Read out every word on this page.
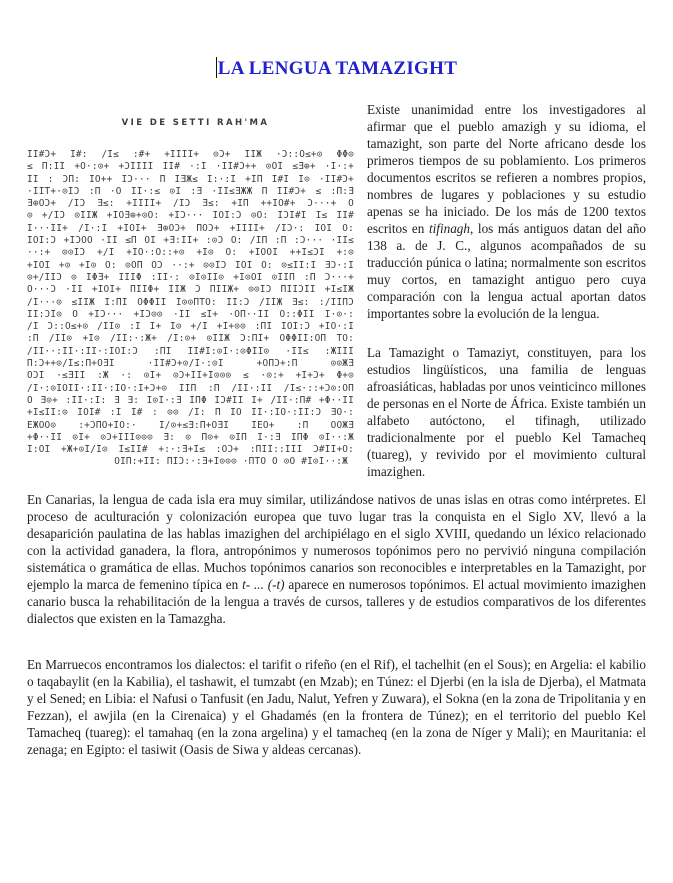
LA LENGUA TAMAZIGHT
VIE DE SETTI RAH'MA
II#Ɔ+ I#: /I≤ :#+ +IIII+ ⊙Ɔ+ IIЖ ·Ɔ::O≤+⊙ ΦΦ⊙
≤ Π:II +O·:⊙+ +ƆIIII II# ·:I ·II#Ɔ++ ⊙OI ≤Ǝ⊕+ ·I·:+
II : ƆΠ: IO++ IƆ··· Π IƎЖ≤ I:·:I +IΠ I#I I⊙ ·II#Ɔ+
·IIT+·⊙IƆ :Π ·O II·:≤ ⊙I :Ǝ ·II≤ƎЖЖ Π II#Ɔ+ ≤ :Π:Ǝ
Ǝ⊕OƆ+ /IƆ Ǝ≤: +IIII+ /IƆ Ǝ≤: +IΠ ++IO#+ Ɔ···+ O
⊙ +/IƆ ⊙IIЖ +IOƎ⊕+⊙O: +IƆ··· IOI:Ɔ ⊙O: IƆI#I I≤ II#
I···II+ /I·:I +IOI+ Ǝ⊕OƆ+ ΠOƆ+ +IIII+ /IƆ·: IOI O:
IOI:Ɔ +IƆOO ·II ≤Π OI +Ǝ:II+ :⊙Ɔ O: /IΠ :Π :Ɔ··· ·II≤
··:+ ⊙⊙IƆ +/I +IO·:O::+⊙ +I⊙ O: +IOOI ++I≤ƆI +:⊙
+IOI +⊙ +I⊙ O: ⊙OΠ OƆ ··:+ ⊙⊙IƆ IOI O: ⊙≤II:I ƎƆ·:I
⊙+/IIƆ ⊙ IΦƎ+ IIIΦ :II·: ⊙I⊙II⊙ +I⊙OI ⊙IIΠ :Π Ɔ···+
O···Ɔ ·II +IOI+ ΠIIΦ+ IIЖ Ɔ ΠIIЖ+ ⊙⊙IƆ ΠIIƆII +I≤IЖ
/I···⊙ ≤IIЖ I:ΠI OΦΦII I⊙⊙ΠTO: II:Ɔ /IIЖ Ǝ≤: :/IIΠƆ
II:ƆI⊙ O +IƆ··· +IƆ⊙⊙ ·II ≤I+ ·OΠ··II O::ΦII I·⊙·:
/I Ɔ::O≤+⊙ /II⊙ :I I+ I⊙ +/I +I+⊙⊙ :ΠI IOI:Ɔ +IO·:I
:Π /II⊙ +I⊙ /II:·:Ж+ /I:⊙+ ⊙IIЖ Ɔ:ΠI+ OΦΦII:OΠ TO:
/II··:II·:II·:IOI:Ɔ :ΠI II#I:⊙I·:⊙ΦII⊙ ·II≤ :ЖIII
Π:Ɔ++⊙/I≤:Π+OƎI ·II#Ɔ+⊙/I·:⊙I +OΠƆ+:Π ⊙⊙ЖƎ
OƆI ·≤ƎII :Ж ·: ⊙I+ ⊙Ɔ+II+I⊙⊙⊙ ≤ ·⊙:+ +I+Ɔ+ Φ+⊙
/I·:⊙IOII·:II·:IO·:I+Ɔ+⊙ IIΠ :Π /II·:II /I≤·::+Ɔ⊙:OΠ
O Ǝ⊙+ :II·:I: Ǝ Ǝ: I⊙I·:Ǝ IΠΦ IƆ#II I+ /II·:Π# +Φ··II
+I≤II:⊙ IOI# :I I# : ⊙⊙ /I: Π IO II·:IO·:II:Ɔ ƎO·:
EЖOO⊙ :+ƆΠO+IO:· I/⊙+≤Ǝ:Π+OƎI IEO+ :Π OOЖƎ
+Φ··II ⊙I+ ⊙Ɔ+III⊙⊙⊙ Ǝ: ⊙ Π⊙+ ⊙IΠ I·:Ǝ IΠΦ ⊙I··:Ж
I:OI +Ж+⊙I/I⊙ I≤II# +:·:Ǝ+I≤ :OƆ+ :ΠII::III Ɔ#II+O:
OIΠ:+II: ΠIƆ:·:Ǝ+I⊙⊙⊙ ·ΠTO O ⊙O #I⊙I··:Ж

Existe unanimidad entre los investigadores al afirmar que el pueblo amazigh y su idioma, el tamazight, son parte del Norte africano desde los primeros tiempos de su poblamiento. Los primeros documentos escritos se refieren a nombres propios, nombres de lugares y poblaciones y su estudio apenas se ha iniciado. De los más de 1200 textos escritos en tifinagh, los más antiguos datan del año 138 a. de J. C., algunos acompañados de su traducción púnica o latina; normalmente son escritos muy cortos, en tamazight antiguo pero cuya comparación con la lengua actual aportan datos importantes sobre la evolución de la lengua.

La Tamazight o Tamaziyt, constituyen, para los estudios lingüísticos, una familia de lenguas afroasiáticas, habladas por unos veinticinco millones de personas en el Norte de África. Existe también un alfabeto autóctono, el tifinagh, utilizado tradicionalmente por el pueblo Kel Tamacheq (tuareg), y revivido por el movimiento cultural imazighen.

En Canarias, la lengua de cada isla era muy similar, utilizándose nativos de unas islas en otras como intérpretes. El proceso de aculturación y colonización europea que tuvo lugar tras la conquista en el Siglo XV, llevó a la desaparición paulatina de las hablas imazighen del archipiélago en el siglo XVIII, quedando un léxico relacionado con la actividad ganadera, la flora, antropónimos y numerosos topónimos pero no pervivió ninguna compilación sistemática o gramática de ellas. Muchos topónimos canarios son reconocibles e interpretables en la Tamazight, por ejemplo la marca de femenino típica en t- ... (-t) aparece en numerosos topónimos. El actual movimiento imazighen canario busca la rehabilitación de la lengua a través de cursos, talleres y de estudios comparativos de los diferentes dialectos que existen en la Tamazgha.

En Marruecos encontramos los dialectos: el tarifit o rifeño (en el Rif), el tachelhit (en el Sous); en Argelia: el kabilio o taqabaylit (en la Kabilia), el tashawit, el tumzabt (en Mzab); en Túnez: el Djerbi (en la isla de Djerba), el Matmata y el Sened; en Libia: el Nafusi o Tanfusit (en Jadu, Nalut, Yefren y Zuwara), el Sokna (en la zona de Tripolitania y en Fezzan), el awjila (en la Cirenaica) y el Ghadamés (en la frontera de Túnez); en el territorio del pueblo Kel Tamacheq (tuareg): el tamahaq (en la zona argelina) y el tamacheq (en la zona de Níger y Mali); en Mauritania: el zenaga; en Egipto: el tasiwit (Oasis de Siwa y aldeas cercanas).
